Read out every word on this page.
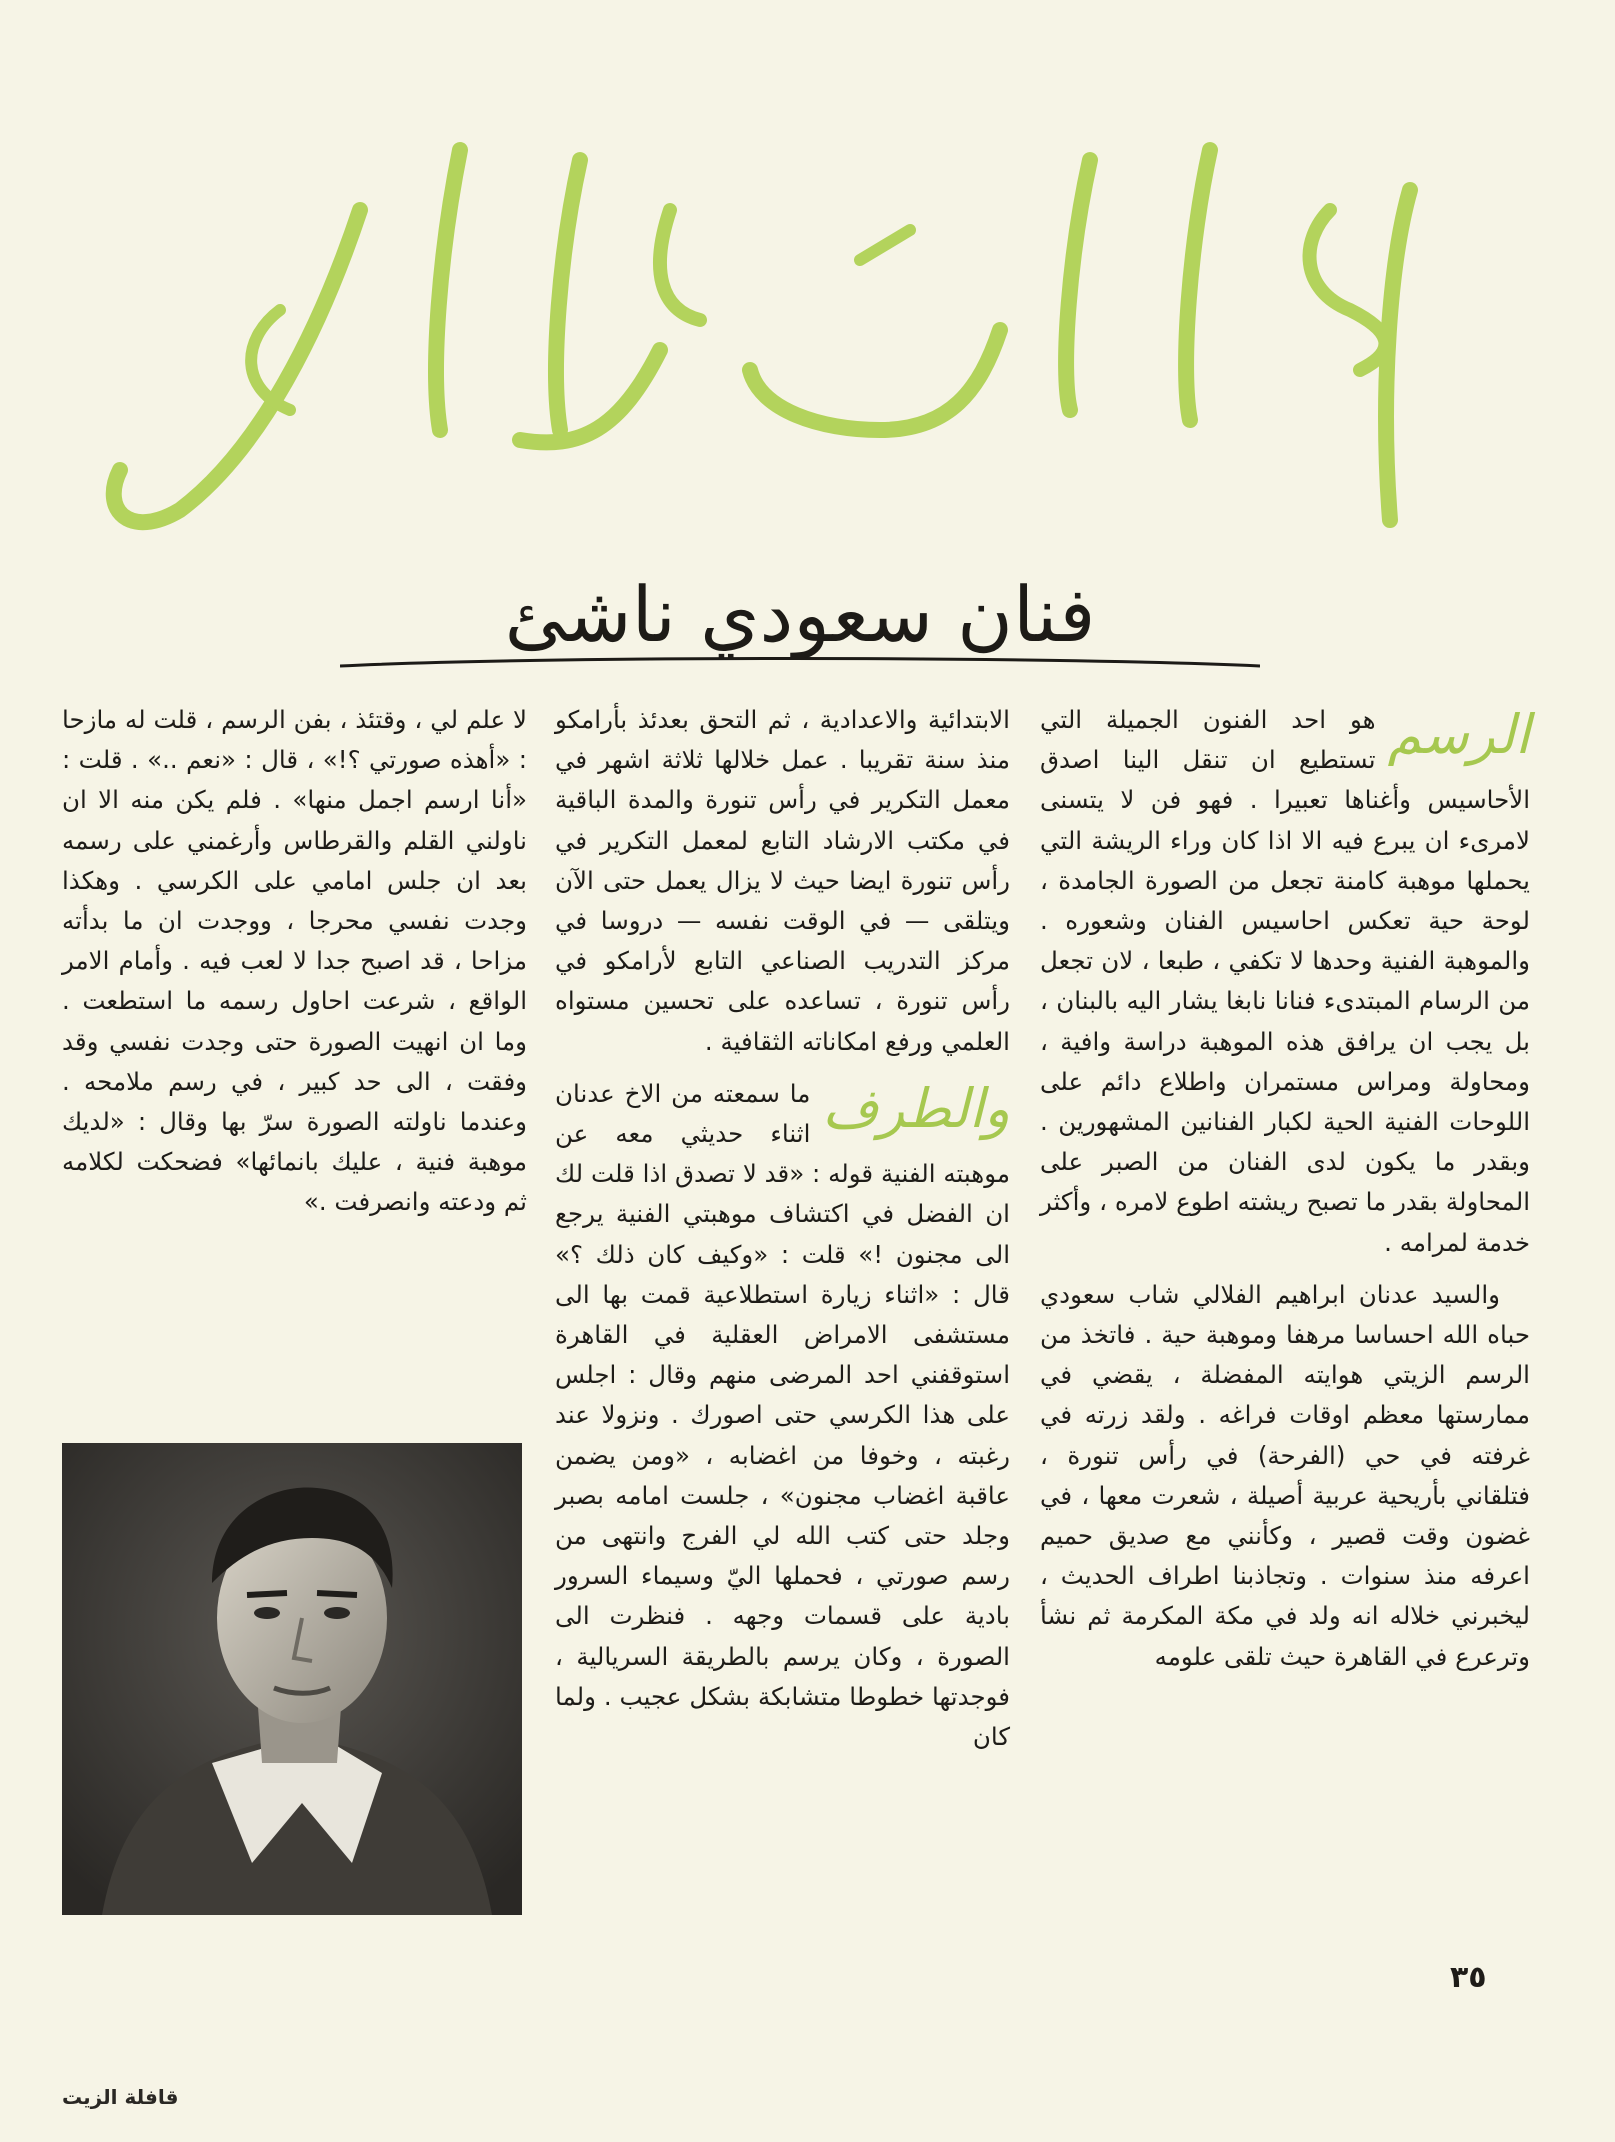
فنان سعودي ناشئ

الرسم
هو احد الفنون الجميلة التي تستطيع ان تنقل الينا اصدق الأحاسيس وأغناها تعبيرا . فهو فن لا يتسنى لامرىء ان يبرع فيه الا اذا كان وراء الريشة التي يحملها موهبة كامنة تجعل من الصورة الجامدة ، لوحة حية تعكس احاسيس الفنان وشعوره . والموهبة الفنية وحدها لا تكفي ، طبعا ، لان تجعل من الرسام المبتدىء فنانا نابغا يشار اليه بالبنان ، بل يجب ان يرافق هذه الموهبة دراسة وافية ، ومحاولة ومراس مستمران واطلاع دائم على اللوحات الفنية الحية لكبار الفنانين المشهورين . وبقدر ما يكون لدى الفنان من الصبر على المحاولة بقدر ما تصبح ريشته اطوع لامره ، وأكثر خدمة لمرامه .

والسيد عدنان ابراهيم الفلالي شاب سعودي حباه الله احساسا مرهفا وموهبة حية . فاتخذ من الرسم الزيتي هوايته المفضلة ، يقضي في ممارستها معظم اوقات فراغه . ولقد زرته في غرفته في حي (الفرحة) في رأس تنورة ، فتلقاني بأريحية عربية أصيلة ، شعرت معها ، في غضون وقت قصير ، وكأنني مع صديق حميم اعرفه منذ سنوات . وتجاذبنا اطراف الحديث ، ليخبرني خلاله انه ولد في مكة المكرمة ثم نشأ وترعرع في القاهرة حيث تلقى علومه

الابتدائية والاعدادية ، ثم التحق بعدئذ بأرامكو منذ سنة تقريبا . عمل خلالها ثلاثة اشهر في معمل التكرير في رأس تنورة والمدة الباقية في مكتب الارشاد التابع لمعمل التكرير في رأس تنورة ايضا حيث لا يزال يعمل حتى الآن ويتلقى — في الوقت نفسه — دروسا في مركز التدريب الصناعي التابع لأرامكو في رأس تنورة ، تساعده على تحسين مستواه العلمي ورفع امكاناته الثقافية .

والطرف
ما سمعته من الاخ عدنان اثناء حديثي معه عن موهبته الفنية قوله : «قد لا تصدق اذا قلت لك ان الفضل في اكتشاف موهبتي الفنية يرجع الى مجنون !» قلت : «وكيف كان ذلك ؟» قال : «اثناء زيارة استطلاعية قمت بها الى مستشفى الامراض العقلية في القاهرة استوقفني احد المرضى منهم وقال : اجلس على هذا الكرسي حتى اصورك . ونزولا عند رغبته ، وخوفا من اغضابه ، «ومن يضمن عاقبة اغضاب مجنون» ، جلست امامه بصبر وجلد حتى كتب الله لي الفرج وانتهى من رسم صورتي ، فحملها اليّ وسيماء السرور بادية على قسمات وجهه . فنظرت الى الصورة ، وكان يرسم بالطريقة السريالية ، فوجدتها خطوطا متشابكة بشكل عجيب . ولما كان

لا علم لي ، وقتئذ ، بفن الرسم ، قلت له مازحا : «أهذه صورتي ؟!» ، قال : «نعم ..» . قلت : «أنا ارسم اجمل منها» . فلم يكن منه الا ان ناولني القلم والقرطاس وأرغمني على رسمه بعد ان جلس امامي على الكرسي . وهكذا وجدت نفسي محرجا ، ووجدت ان ما بدأته مزاحا ، قد اصبح جدا لا لعب فيه . وأمام الامر الواقع ، شرعت احاول رسمه ما استطعت . وما ان انهيت الصورة حتى وجدت نفسي وقد وفقت ، الى حد كبير ، في رسم ملامحه . وعندما ناولته الصورة سرّ بها وقال : «لديك موهبة فنية ، عليك بانمائها» فضحكت لكلامه ثم ودعته وانصرفت .»

٣٥
قافلة الزيت
